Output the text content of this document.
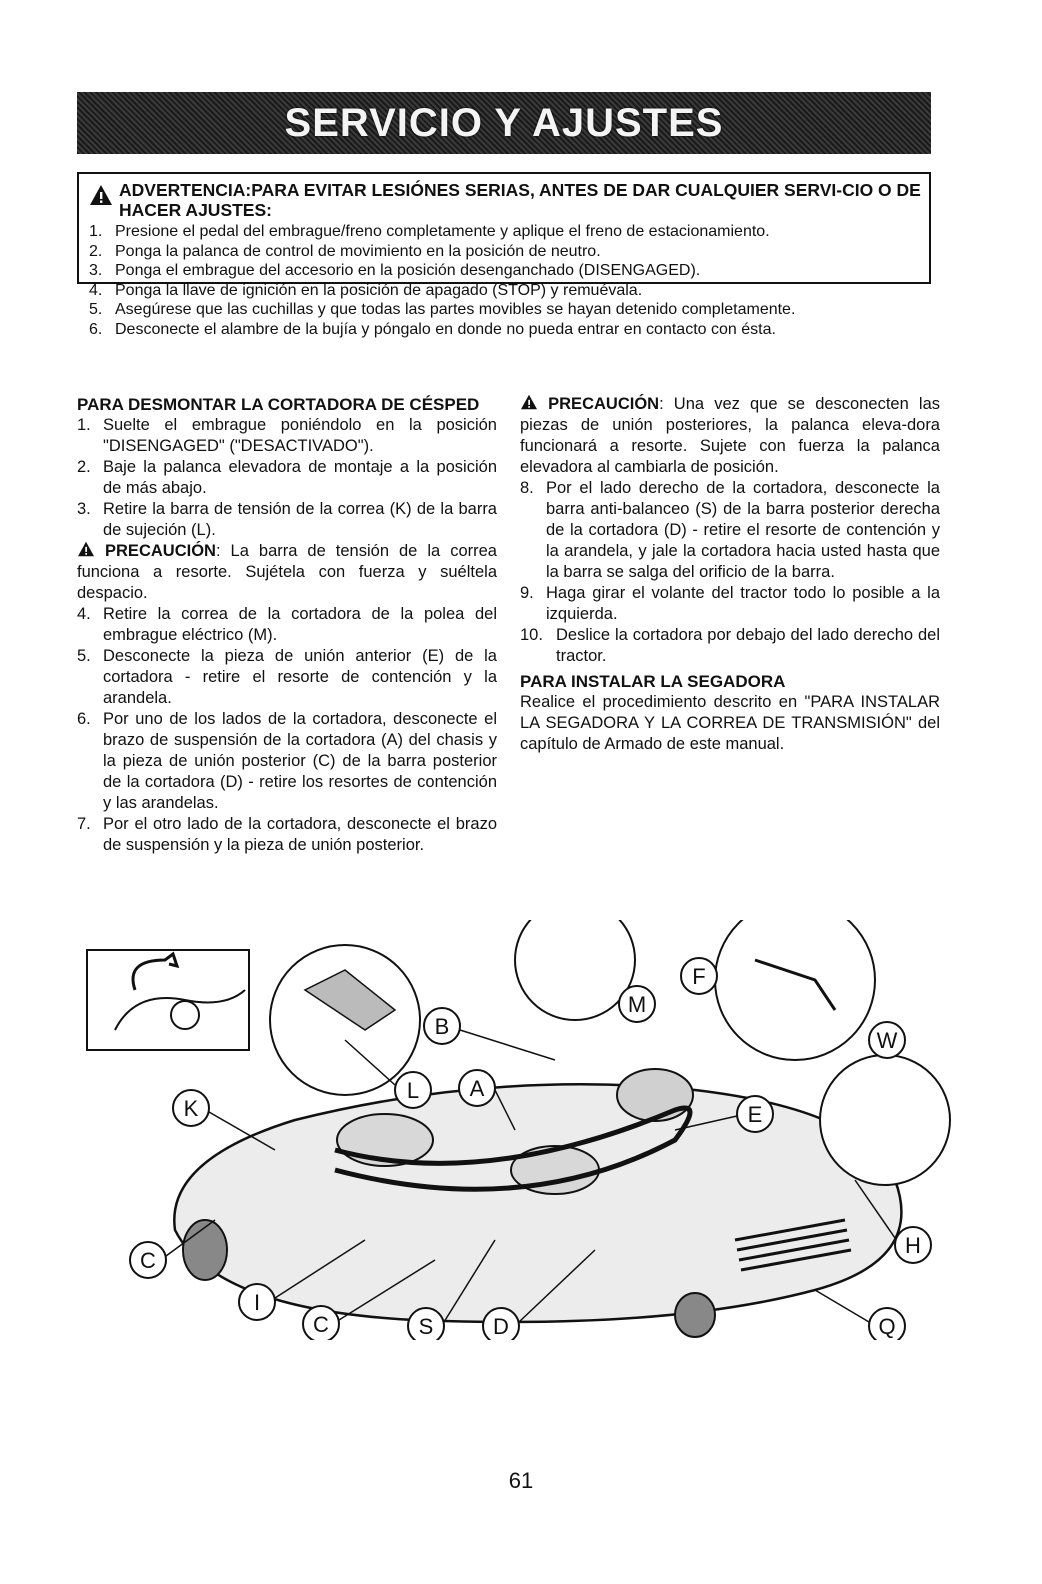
SERVICIO Y AJUSTES
ADVERTENCIA:PARA EVITAR LESIÓNES SERIAS, ANTES DE DAR CUALQUIER SERVI-CIO O DE HACER AJUSTES:
1. Presione el pedal del embrague/freno completamente y aplique el freno de estacionamiento.
2. Ponga la palanca de control de movimiento en la posición de neutro.
3. Ponga el embrague del accesorio en la posición desenganchado (DISENGAGED).
4. Ponga la llave de ignición en la posición de apagado (STOP) y remuévala.
5. Asegúrese que las cuchillas y que todas las partes movibles se hayan detenido completamente.
6. Desconecte el alambre de la bujía y póngalo en donde no pueda entrar en contacto con ésta.
PARA DESMONTAR LA CORTADORA DE CÉSPED
1. Suelte el embrague poniéndolo en la posición "DISENGAGED" ("DESACTIVADO").
2. Baje la palanca elevadora de montaje a la posición de más abajo.
3. Retire la barra de tensión de la correa (K) de la barra de sujeción (L).
PRECAUCIÓN: La barra de tensión de la correa funciona a resorte. Sujétela con fuerza y suéltela despacio.
4. Retire la correa de la cortadora de la polea del embrague eléctrico (M).
5. Desconecte la pieza de unión anterior (E) de la cortadora - retire el resorte de contención y la arandela.
6. Por uno de los lados de la cortadora, desconecte el brazo de suspensión de la cortadora (A) del chasis y la pieza de unión posterior (C) de la barra posterior de la cortadora (D) - retire los resortes de contención y las arandelas.
7. Por el otro lado de la cortadora, desconecte el brazo de suspensión y la pieza de unión posterior.
PRECAUCIÓN: Una vez que se desconecten las piezas de unión posteriores, la palanca eleva-dora funcionará a resorte. Sujete con fuerza la palanca elevadora al cambiarla de posición.
8. Por el lado derecho de la cortadora, desconecte la barra anti-balanceo (S) de la barra posterior derecha de la cortadora (D) - retire el resorte de contención y la arandela, y jale la cortadora hacia usted hasta que la barra se salga del orificio de la barra.
9. Haga girar el volante del tractor todo lo posible a la izquierda.
10. Deslice la cortadora por debajo del lado derecho del tractor.
PARA INSTALAR LA SEGADORA
Realice el procedimiento descrito en "PARA INSTALAR LA SEGADORA Y LA CORREA DE TRANSMISIÓN" del capítulo de Armado de este manual.
B
L A
M
F
W
K	E
C
H
I
C	S	D	Q
61
